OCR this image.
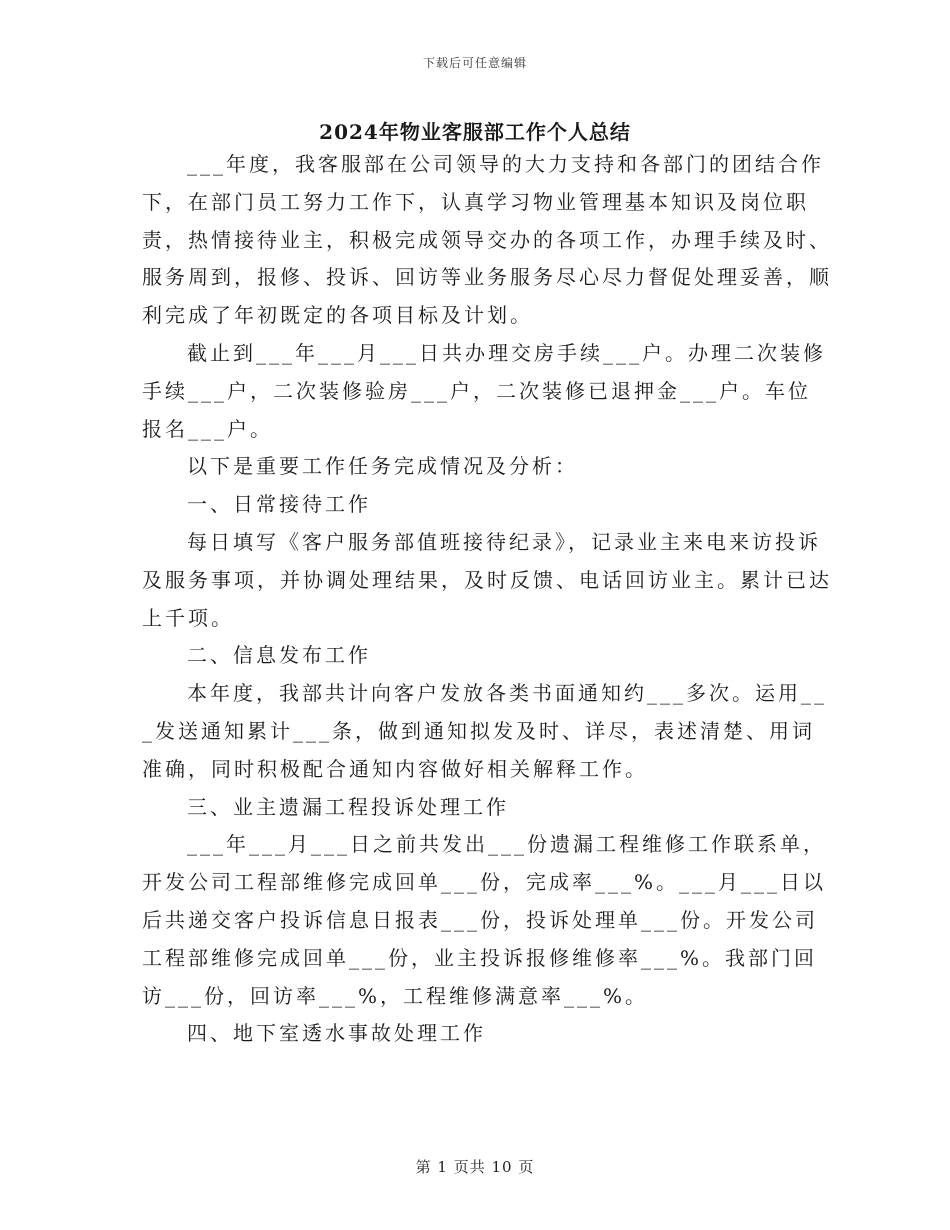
下载后可任意编辑
2024年物业客服部工作个人总结

___年度，我客服部在公司领导的大力支持和各部门的团结合作下，在部门员工努力工作下，认真学习物业管理基本知识及岗位职责，热情接待业主，积极完成领导交办的各项工作，办理手续及时、服务周到，报修、投诉、回访等业务服务尽心尽力督促处理妥善，顺利完成了年初既定的各项目标及计划。

截止到___年___月___日共办理交房手续___户。办理二次装修手续___户，二次装修验房___户，二次装修已退押金___户。车位报名___户。

以下是重要工作任务完成情况及分析：

一、日常接待工作

每日填写《客户服务部值班接待纪录》，记录业主来电来访投诉及服务事项，并协调处理结果，及时反馈、电话回访业主。累计已达上千项。

二、信息发布工作

本年度，我部共计向客户发放各类书面通知约___多次。运用___发送通知累计___条，做到通知拟发及时、详尽，表述清楚、用词准确，同时积极配合通知内容做好相关解释工作。

三、业主遗漏工程投诉处理工作

___年___月___日之前共发出___份遗漏工程维修工作联系单，开发公司工程部维修完成回单___份，完成率___%。___月___日以后共递交客户投诉信息日报表___份，投诉处理单___份。开发公司工程部维修完成回单___份，业主投诉报修维修率___%。我部门回访___份，回访率___%，工程维修满意率___%。

四、地下室透水事故处理工作

第 1 页共 10 页
